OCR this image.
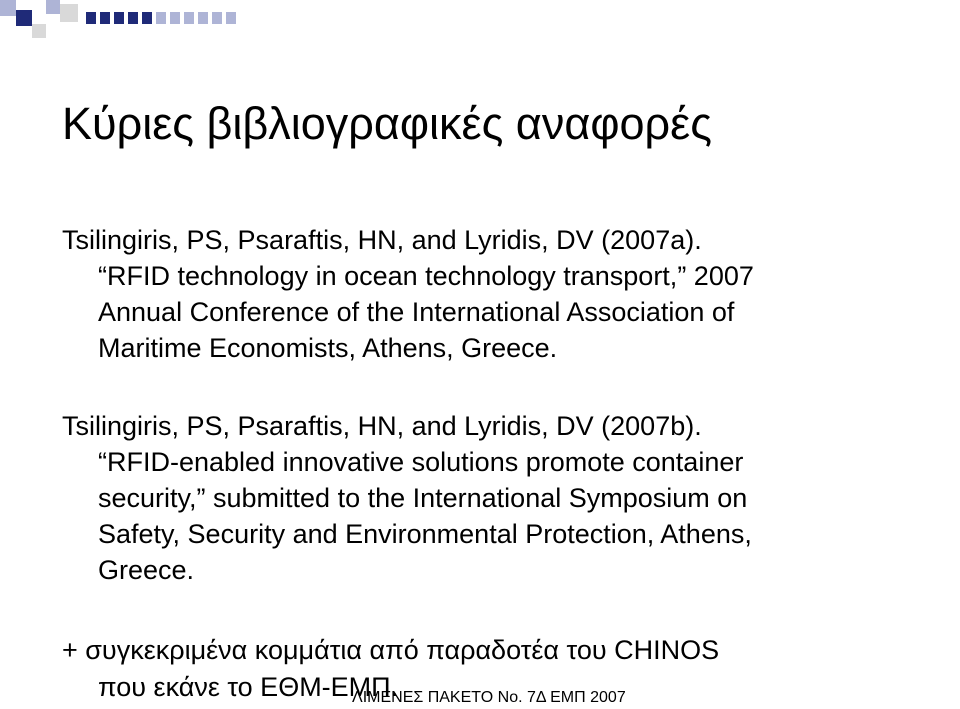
Κύριες βιβλιογραφικές αναφορές
Tsilingiris, PS, Psaraftis, HN, and Lyridis, DV (2007a).
“RFID technology in ocean technology transport,” 2007
Annual Conference of the International Association of
Maritime Economists, Athens, Greece.
Tsilingiris, PS, Psaraftis, HN, and Lyridis, DV (2007b).
“RFID-enabled innovative solutions promote container
security,” submitted to the International Symposium on
Safety, Security and Environmental Protection, Athens,
Greece.
+ συγκεκριμένα κομμάτια από παραδοτέα του CHINOS
που εκάνε το ΕΘΜ-ΕΜΠ.
ΛΙΜΕΝΕΣ ΠΑΚΕΤΟ No. 7Δ ΕΜΠ 2007
